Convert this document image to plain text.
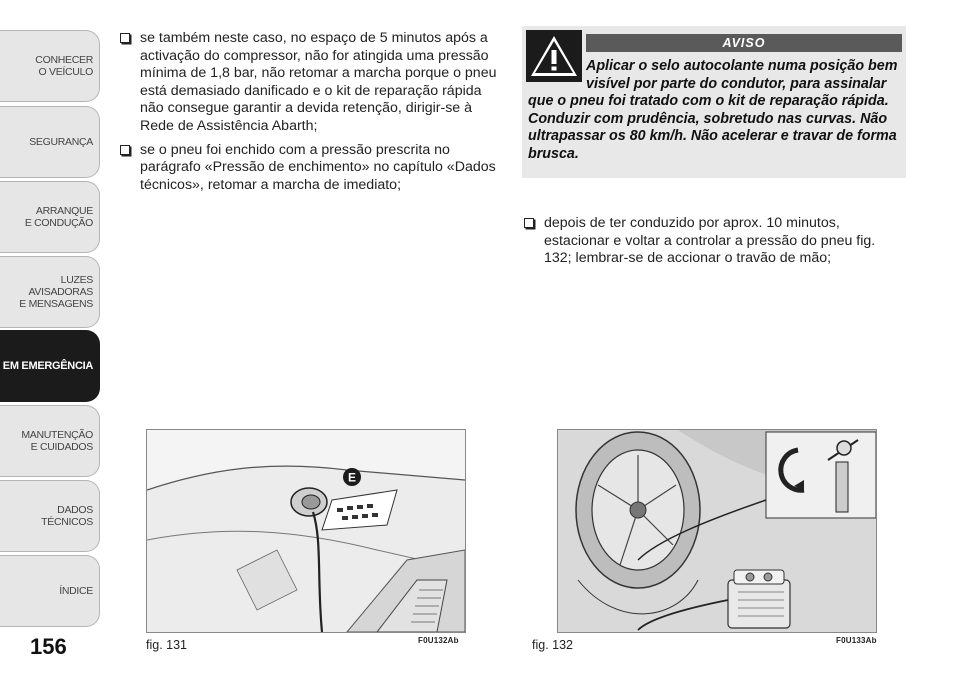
CONHECER
O VEÍCULO
SEGURANÇA
ARRANQUE
E CONDUÇÃO
LUZES
AVISADORAS
E MENSAGENS
EM EMERGÊNCIA
MANUTENÇÃO
E CUIDADOS
DADOS
TÉCNICOS
ÍNDICE
156
se também neste caso, no espaço de 5 minutos após a activação do compressor, não for atingida uma pressão mínima de 1,8 bar, não retomar a marcha porque o pneu está demasiado danificado e o kit de reparação rápida não consegue garantir a devida retenção, dirigir-se à Rede de Assistência Abarth;
se o pneu foi enchido com a pressão prescrita no parágrafo «Pressão de enchimento» no capítulo «Dados técnicos», retomar a marcha de imediato;
AVISO
Aplicar o selo autocolante numa posição bem visível por parte do condutor, para assinalar que o pneu foi tratado com o kit de reparação rápida. Conduzir com prudência, sobretudo nas curvas. Não ultrapassar os 80 km/h. Não acelerar e travar de forma brusca.
depois de ter conduzido por aprox. 10 minutos, estacionar e voltar a controlar a pressão do pneu fig. 132; lembrar-se de accionar o travão de mão;
E
fig. 131	F0U132Ab	fig. 132	F0U133Ab
